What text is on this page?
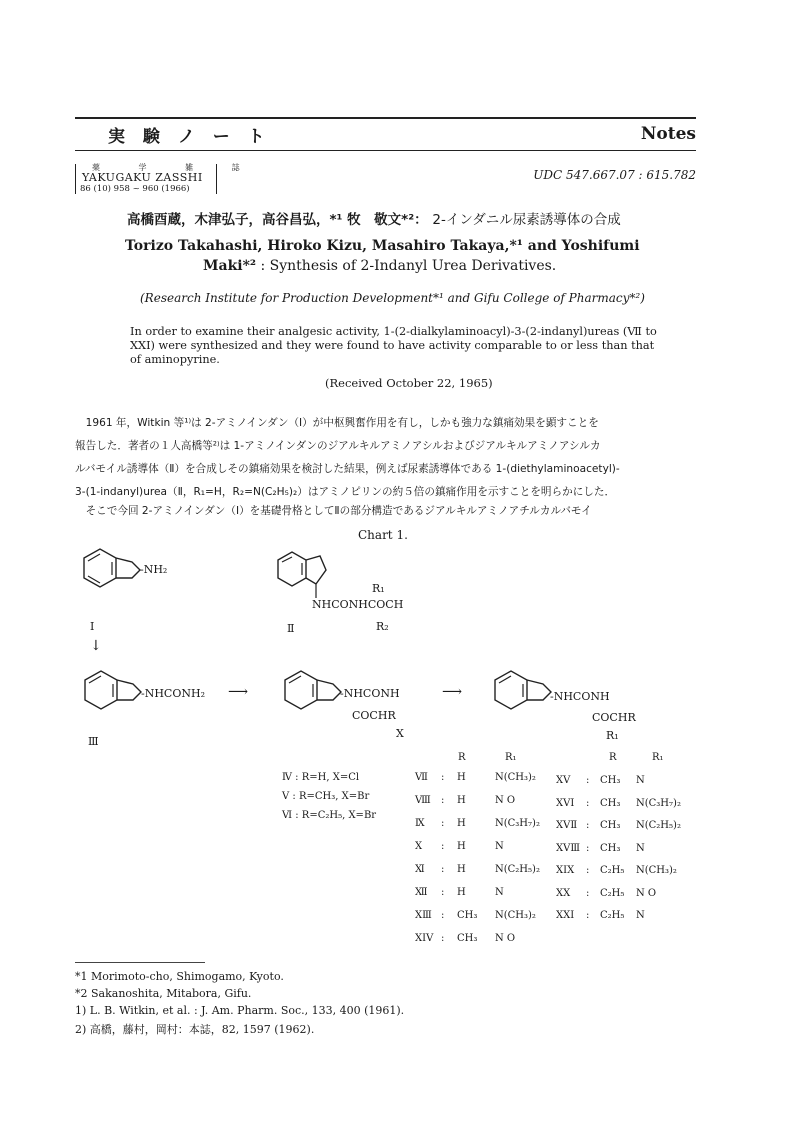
実 験 ノ ー ト	Notes
薬 学 雑 誌
YAKUGAKU ZASSHI
86 (10) 958 ~ 960 (1966)
UDC 547.667.07 : 615.782
高橋酉蔵，木津弘子，高谷昌弘，*¹ 牧　敬文*²： 2-インダニル尿素誘導体の合成
Torizo Takahashi, Hiroko Kizu, Masahiro Takaya,*¹ and Yoshifumi
Maki*² : Synthesis of 2-Indanyl Urea Derivatives.
(Research Institute for Production Development*¹ and Gifu College of Pharmacy*²)
In order to examine their analgesic activity, 1-(2-dialkylaminoacyl)-3-(2-indanyl)ureas (Ⅶ to XXI) were synthesized and they were found to have activity comparable to or less than that of aminopyrine.
(Received October 22, 1965)
　1961 年，Witkin 等¹⁾は 2-アミノインダン（Ⅰ）が中枢興奮作用を有し，しかも強力な鎮痛効果を顕すことを
報告した．著者の１人高橋等²⁾は 1-アミノインダンのジアルキルアミノアシルおよびジアルキルアミノアシルカ
ルバモイル誘導体（Ⅱ）を合成しその鎮痛効果を検討した結果，例えば尿素誘導体である 1-(diethylaminoacetyl)-
3-(1-indanyl)urea（Ⅱ，R₁=H，R₂=N(C₂H₅)₂）はアミノピリンの約５倍の鎮痛作用を示すことを明らかにした．
　そこで今回 2-アミノインダン（Ⅰ）を基礎骨格としてⅡの部分構造であるジアルキルアミノアチルカルバモイ
Chart 1.
-NH₂
Ⅰ
↓
R₁
NHCONHCOCH
R₂
Ⅱ
-NHCONH₂
Ⅲ
⟶	-NHCONH
COCHR
X
⟶	-NHCONH
COCHR
R₁
Ⅳ : R=H, X=Cl
Ⅴ : R=CH₃, X=Br
Ⅵ : R=C₂H₅, X=Br
R	R₁	R	R₁
Ⅶ : H	N(CH₃)₂
Ⅷ : H	N O
Ⅸ : H	N(C₃H₇)₂
Ⅹ : H	N
Ⅺ : H	N(C₂H₅)₂
Ⅻ : H	N
XⅢ : CH₃ N(CH₃)₂
XIV : CH₃ N O
XV : CH₃ N
XVI : CH₃ N(C₃H₇)₂
XVⅡ : CH₃ N(C₂H₅)₂
XVⅢ : CH₃ N
XIX : C₂H₅ N(CH₃)₂
XX : C₂H₅ N O
XXI : C₂H₅ N
*1 Morimoto-cho, Shimogamo, Kyoto.
*2 Sakanoshita, Mitabora, Gifu.
1) L. B. Witkin, et al. : J. Am. Pharm. Soc., 133, 400 (1961).
2) 高橋，藤村，岡村：本誌，82, 1597 (1962).
